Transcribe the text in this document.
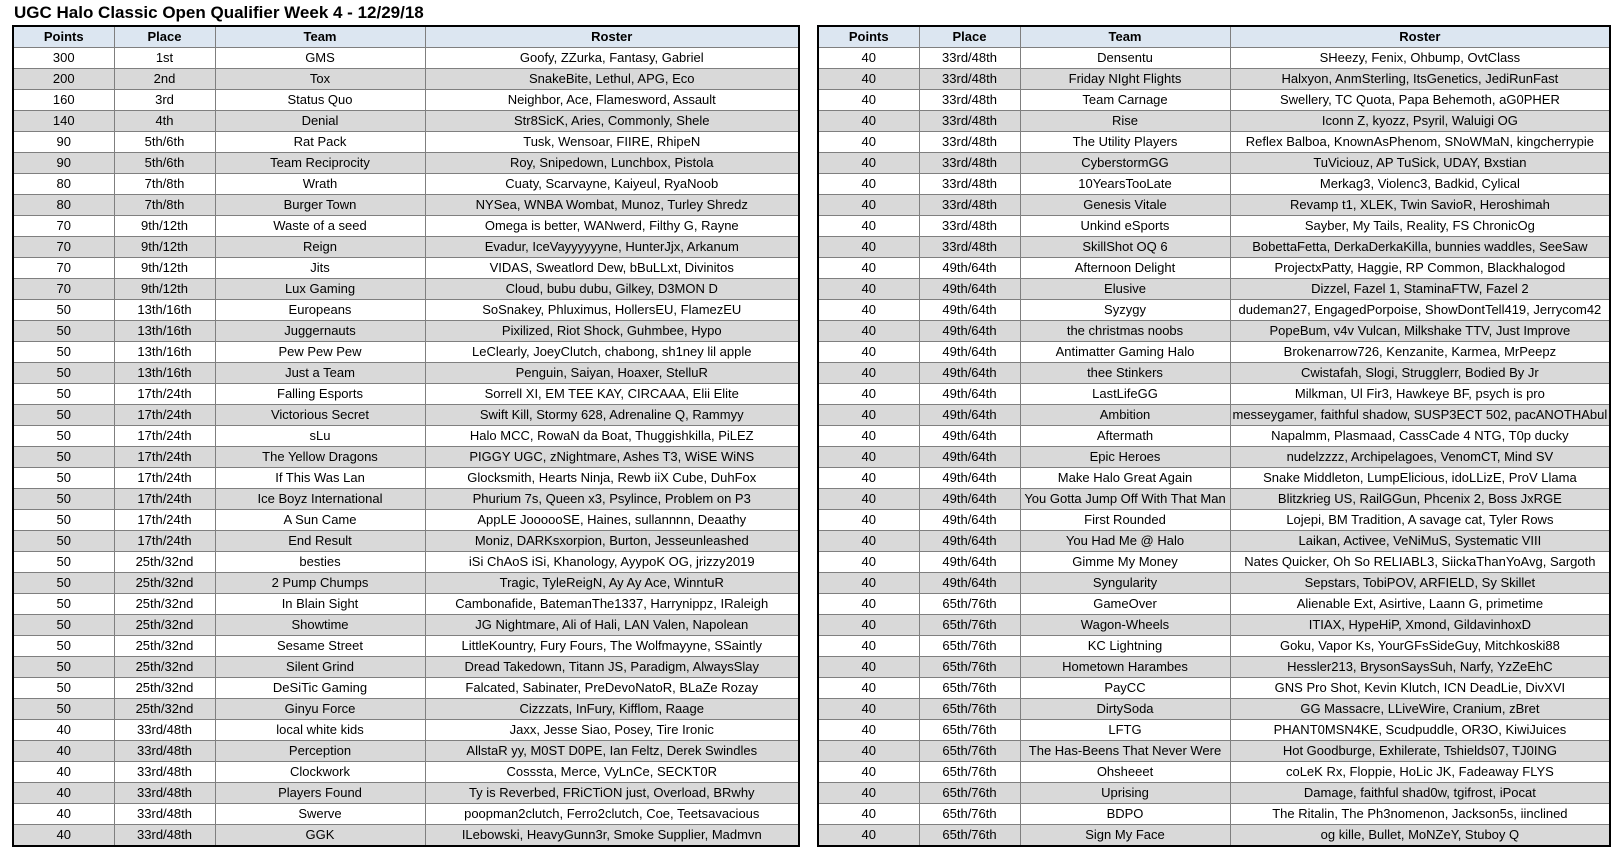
UGC Halo Classic Open Qualifier Week 4 - 12/29/18
Points	Place	Team	Roster
300	1st	GMS	Goofy, ZZurka, Fantasy, Gabriel
200	2nd	Tox	SnakeBite, Lethul, APG, Eco
160	3rd	Status Quo	Neighbor, Ace, Flamesword, Assault
140	4th	Denial	Str8SicK, Aries, Commonly, Shele
90	5th/6th	Rat Pack	Tusk, Wensoar, FIIRE, RhipeN
90	5th/6th	Team Reciprocity	Roy, Snipedown, Lunchbox, Pistola
80	7th/8th	Wrath	Cuaty, Scarvayne, Kaiyeul, RyaNoob
80	7th/8th	Burger Town	NYSea, WNBA Wombat, Munoz, Turley Shredz
70	9th/12th	Waste of a seed	Omega is better, WANwerd, Filthy G, Rayne
70	9th/12th	Reign	Evadur, IceVayyyyyyne, HunterJjx, Arkanum
70	9th/12th	Jits	VIDAS, Sweatlord Dew, bBuLLxt, Divinitos
70	9th/12th	Lux Gaming	Cloud, bubu dubu, Gilkey, D3MON D
50	13th/16th	Europeans	SoSnakey, Phluximus, HollersEU, FlamezEU
50	13th/16th	Juggernauts	Pixilized, Riot Shock, Guhmbee, Hypo
50	13th/16th	Pew Pew Pew	LeClearly, JoeyClutch, chabong, sh1ney lil apple
50	13th/16th	Just a Team	Penguin, Saiyan, Hoaxer, StelluR
50	17th/24th	Falling Esports	Sorrell XI, EM TEE KAY, CIRCAAA, Elii Elite
50	17th/24th	Victorious Secret	Swift Kill, Stormy 628, Adrenaline Q, Rammyy
50	17th/24th	sLu	Halo MCC, RowaN da Boat, Thuggishkilla, PiLEZ
50	17th/24th	The Yellow Dragons	PIGGY UGC, zNightmare, Ashes T3, WiSE WiNS
50	17th/24th	If This Was Lan	Glocksmith, Hearts Ninja, Rewb iiX Cube, DuhFox
50	17th/24th	Ice Boyz International	Phurium 7s, Queen x3, Psylince, Problem on P3
50	17th/24th	A Sun Came	AppLE JoooooSE, Haines, sullannnn, Deaathy
50	17th/24th	End Result	Moniz, DARKsxorpion, Burton, Jesseunleashed
50	25th/32nd	besties	iSi ChAoS iSi, Khanology, AyypoK OG, jrizzy2019
50	25th/32nd	2 Pump Chumps	Tragic, TyleReigN, Ay Ay Ace, WinntuR
50	25th/32nd	In Blain Sight	Cambonafide, BatemanThe1337, Harrynippz, IRaleigh
50	25th/32nd	Showtime	JG Nightmare, Ali of Hali, LAN Valen, Napolean
50	25th/32nd	Sesame Street	LittleKountry, Fury Fours, The Wolfmayyne, SSaintly
50	25th/32nd	Silent Grind	Dread Takedown, Titann JS, Paradigm, AlwaysSlay
50	25th/32nd	DeSiTic Gaming	Falcated, Sabinater, PreDevoNatoR, BLaZe Rozay
50	25th/32nd	Ginyu Force	Cizzzats, InFury, Kifflom, Raage
40	33rd/48th	local white kids	Jaxx, Jesse Siao, Posey, Tire Ironic
40	33rd/48th	Perception	AllstaR yy, M0ST D0PE, Ian Feltz, Derek Swindles
40	33rd/48th	Clockwork	Cosssta, Merce, VyLnCe, SECKT0R
40	33rd/48th	Players Found	Ty is Reverbed, FRiCTiON just, Overload, BRwhy
40	33rd/48th	Swerve	poopman2clutch, Ferro2clutch, Coe, Teetsavacious
40	33rd/48th	GGK	ILebowski, HeavyGunn3r, Smoke Supplier, Madmvn
Points	Place	Team	Roster
40	33rd/48th	Densentu	SHeezy, Fenix, Ohbump, OvtClass
40	33rd/48th	Friday NIght Flights	Halxyon, AnmSterling, ItsGenetics, JediRunFast
40	33rd/48th	Team Carnage	Swellery, TC Quota, Papa Behemoth, aG0PHER
40	33rd/48th	Rise	Iconn Z, kyozz, Psyril, Waluigi OG
40	33rd/48th	The Utility Players	Reflex Balboa, KnownAsPhenom, SNoWMaN, kingcherrypie
40	33rd/48th	CyberstormGG	TuViciouz, AP TuSick, UDAY, Bxstian
40	33rd/48th	10YearsTooLate	Merkag3, Violenc3, Badkid, Cylical
40	33rd/48th	Genesis Vitale	Revamp t1, XLEK, Twin SavioR, Heroshimah
40	33rd/48th	Unkind eSports	Sayber, My Tails, Reality, FS ChronicOg
40	33rd/48th	SkillShot OQ 6	BobettaFetta, DerkaDerkaKilla, bunnies waddles, SeeSaw
40	49th/64th	Afternoon Delight	ProjectxPatty, Haggie, RP Common, Blackhalogod
40	49th/64th	Elusive	Dizzel, Fazel 1, StaminaFTW, Fazel 2
40	49th/64th	Syzygy	dudeman27, EngagedPorpoise, ShowDontTell419, Jerrycom42
40	49th/64th	the christmas noobs	PopeBum, v4v Vulcan, Milkshake TTV, Just Improve
40	49th/64th	Antimatter Gaming Halo	Brokenarrow726, Kenzanite, Karmea, MrPeepz
40	49th/64th	thee Stinkers	Cwistafah, Slogi, Strugglerr, Bodied By Jr
40	49th/64th	LastLifeGG	Milkman, Ul Fir3, Hawkeye BF, psych is pro
40	49th/64th	Ambition	messeygamer, faithful shadow, SUSP3ECT 502, pacANOTHAbul
40	49th/64th	Aftermath	Napalmm, Plasmaad, CassCade 4 NTG, T0p ducky
40	49th/64th	Epic Heroes	nudelzzzz, Archipelagoes, VenomCT, Mind SV
40	49th/64th	Make Halo Great Again	Snake Middleton, LumpElicious, idoLLizE, ProV Llama
40	49th/64th	You Gotta Jump Off With That Man	Blitzkrieg US, RailGGun, Phcenix 2, Boss JxRGE
40	49th/64th	First Rounded	Lojepi, BM Tradition, A savage cat, Tyler Rows
40	49th/64th	You Had Me @ Halo	Laikan, Activee, VeNiMuS, Systematic VIII
40	49th/64th	Gimme My Money	Nates Quicker, Oh So RELIABL3, SiickaThanYoAvg, Sargoth
40	49th/64th	Syngularity	Sepstars, TobiPOV, ARFIELD, Sy Skillet
40	65th/76th	GameOver	Alienable Ext, Asirtive, Laann G, primetime
40	65th/76th	Wagon-Wheels	ITIAX, HypeHiP, Xmond, GildavinhoxD
40	65th/76th	KC Lightning	Goku, Vapor Ks, YourGFsSideGuy, Mitchkoski88
40	65th/76th	Hometown Harambes	Hessler213, BrysonSaysSuh, Narfy, YzZeEhC
40	65th/76th	PayCC	GNS Pro Shot, Kevin Klutch, ICN DeadLie, DivXVI
40	65th/76th	DirtySoda	GG Massacre, LLiveWire, Cranium, zBret
40	65th/76th	LFTG	PHANT0MSN4KE, Scudpuddle, OR3O, KiwiJuices
40	65th/76th	The Has-Beens That Never Were	Hot Goodburge, Exhilerate, Tshields07, TJ0ING
40	65th/76th	Ohsheeet	coLeK Rx, Floppie, HoLic JK, Fadeaway FLYS
40	65th/76th	Uprising	Damage, faithful shad0w, tgifrost, iPocat
40	65th/76th	BDPO	The Ritalin, The Ph3nomenon, Jackson5s, iinclined
40	65th/76th	Sign My Face	og kille, Bullet, MoNZeY, Stuboy Q
